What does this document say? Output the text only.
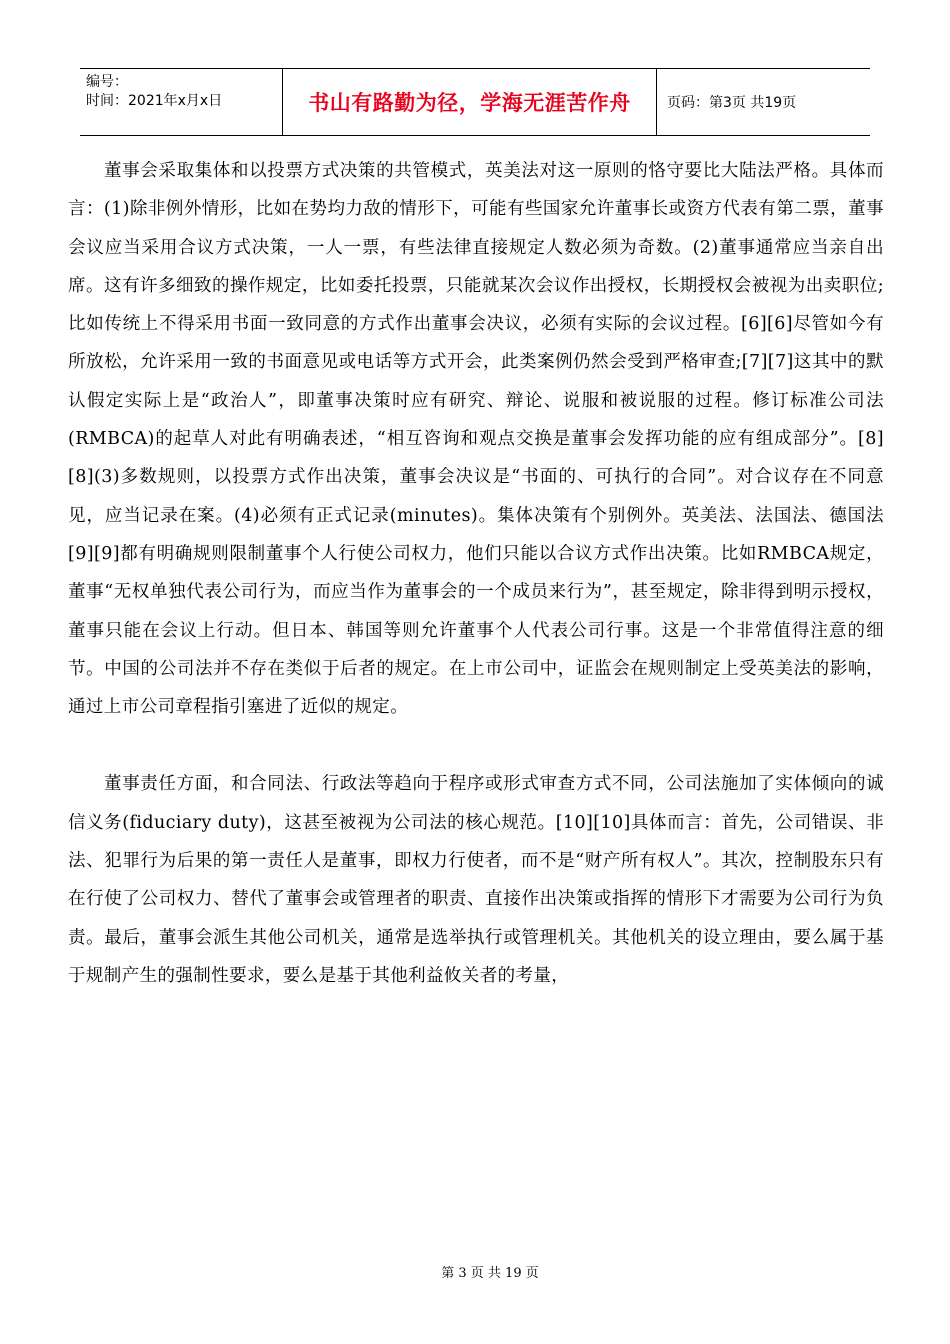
编号：
时间：2021年x月x日	书山有路勤为径，学海无涯苦作舟	页码：第3页 共19页

董事会采取集体和以投票方式决策的共管模式，英美法对这一原则的恪守要比大陆法严格。具体而言：(1)除非例外情形，比如在势均力敌的情形下，可能有些国家允许董事长或资方代表有第二票，董事会议应当采用合议方式决策，一人一票，有些法律直接规定人数必须为奇数。(2)董事通常应当亲自出席。这有许多细致的操作规定，比如委托投票，只能就某次会议作出授权，长期授权会被视为出卖职位;比如传统上不得采用书面一致同意的方式作出董事会决议，必须有实际的会议过程。[6][6]尽管如今有所放松，允许采用一致的书面意见或电话等方式开会，此类案例仍然会受到严格审查;[7][7]这其中的默认假定实际上是“政治人”，即董事决策时应有研究、辩论、说服和被说服的过程。修订标准公司法(RMBCA)的起草人对此有明确表述，“相互咨询和观点交换是董事会发挥功能的应有组成部分”。[8][8](3)多数规则，以投票方式作出决策，董事会决议是“书面的、可执行的合同”。对合议存在不同意见，应当记录在案。(4)必须有正式记录(minutes)。集体决策有个别例外。英美法、法国法、德国法[9][9]都有明确规则限制董事个人行使公司权力，他们只能以合议方式作出决策。比如RMBCA规定，董事“无权单独代表公司行为，而应当作为董事会的一个成员来行为”，甚至规定，除非得到明示授权，董事只能在会议上行动。但日本、韩国等则允许董事个人代表公司行事。这是一个非常值得注意的细节。中国的公司法并不存在类似于后者的规定。在上市公司中，证监会在规则制定上受英美法的影响，通过上市公司章程指引塞进了近似的规定。

董事责任方面，和合同法、行政法等趋向于程序或形式审查方式不同，公司法施加了实体倾向的诚信义务(fiduciary duty)，这甚至被视为公司法的核心规范。[10][10]具体而言：首先，公司错误、非法、犯罪行为后果的第一责任人是董事，即权力行使者，而不是“财产所有权人”。其次，控制股东只有在行使了公司权力、替代了董事会或管理者的职责、直接作出决策或指挥的情形下才需要为公司行为负责。最后，董事会派生其他公司机关，通常是选举执行或管理机关。其他机关的设立理由，要么属于基于规制产生的强制性要求，要么是基于其他利益攸关者的考量，

第 3 页 共 19 页
